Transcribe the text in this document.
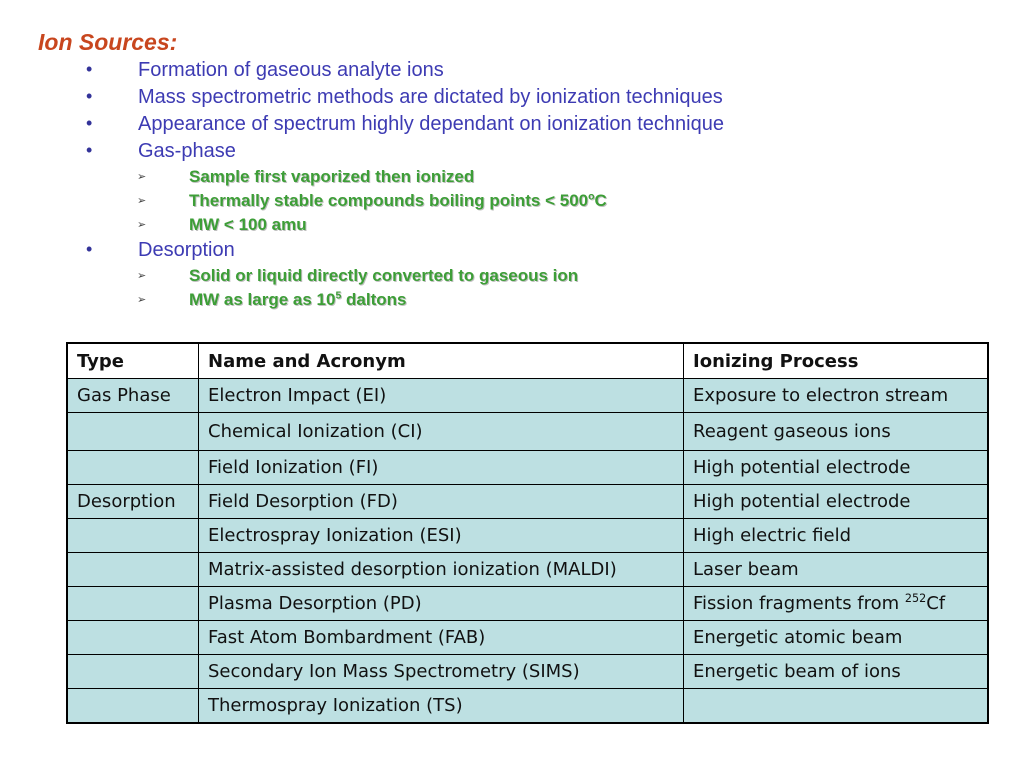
Ion Sources:
• Formation of gaseous analyte ions
• Mass spectrometric methods are dictated by ionization techniques
• Appearance of spectrum highly dependant on ionization technique
• Gas-phase
➢	Sample first vaporized then ionized
➢	Thermally stable compounds boiling points < $500^oC$
➢	MW < 100 amu
• Desorption
➢	Solid or liquid directly converted to gaseous ion
➢	MW as large as $10^5$ daltons
Type	Name and Acronym	Ionizing Process
Gas Phase	Electron Impact (EI)	Exposure to electron stream
	Chemical Ionization (CI)	Reagent gaseous ions
	Field Ionization (FI)	High potential electrode
Desorption	Field Desorption (FD)	High potential electrode
	Electrospray Ionization (ESI)	High electric field
	Matrix-assisted desorption ionization (MALDI)	Laser beam
	Plasma Desorption (PD)	Fission fragments from $^{252}$Cf
	Fast Atom Bombardment (FAB)	Energetic atomic beam
	Secondary Ion Mass Spectrometry (SIMS)	Energetic beam of ions
	Thermospray Ionization (TS)	
